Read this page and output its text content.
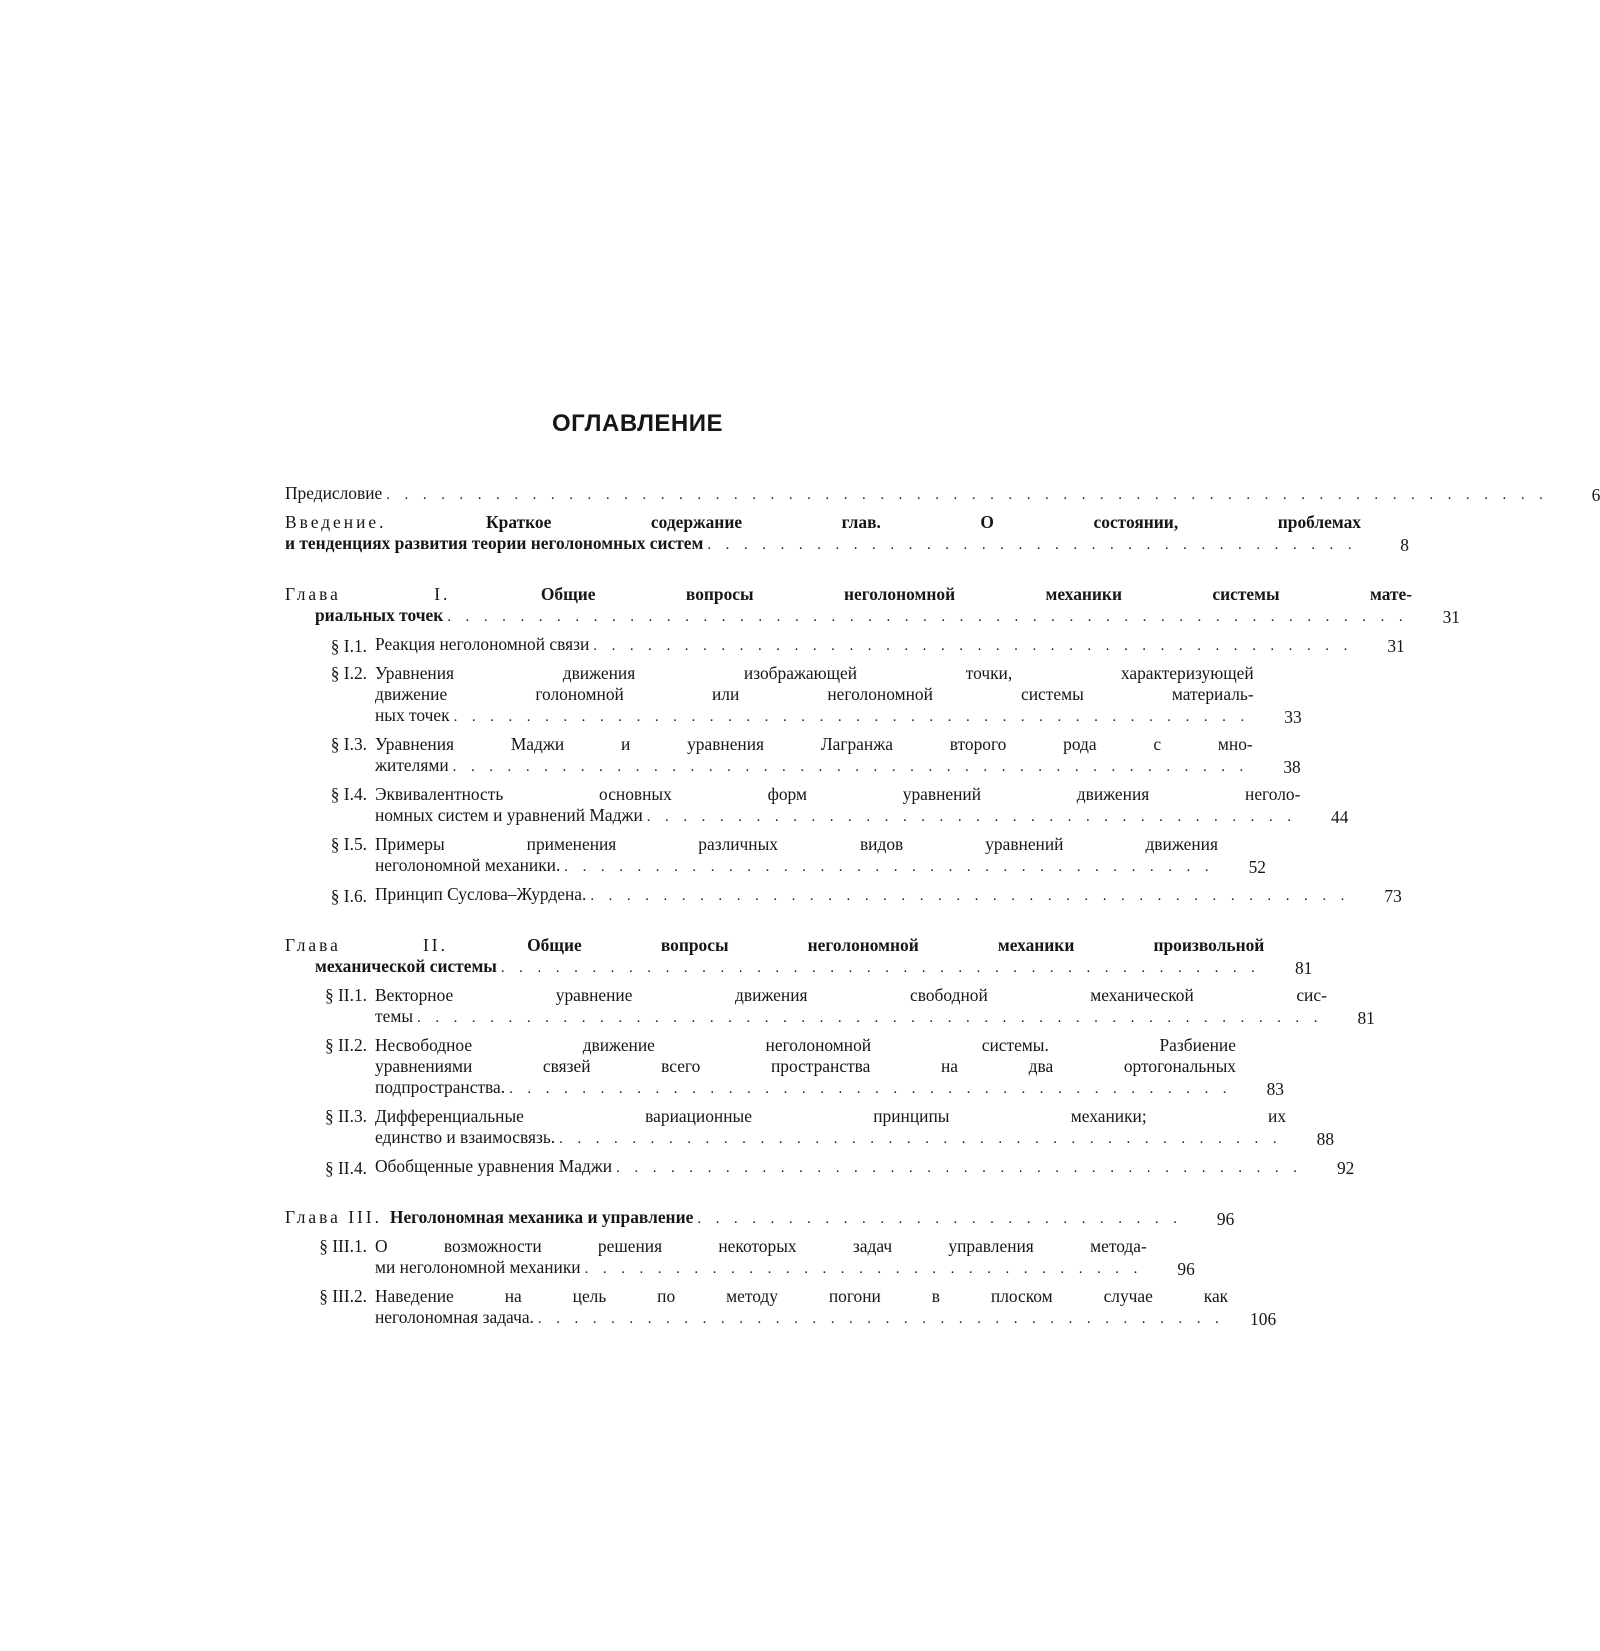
ОГЛАВЛЕНИЕ
Предисловие . . . . . . . . . . . . . . . . . . . . . . . . . . . . . . . . . . . . . . . . . . . . . . . . . . . . . . . . . . . . . . . .	6
Введение.	Краткое содержание глав. О состоянии, проблемах
и тенденциях развития теории неголономных систем . . . . . . . . . . . . . . . . . . . . . . . . . . . . . . . . . . . .	8
Глава I.	Общие вопросы неголономной механики системы мате-
риальных точек . . . . . . . . . . . . . . . . . . . . . . . . . . . . . . . . . . . . . . . . . . . . . . . . . . . . .	31
§ I.1. Реакция неголономной связи . . . . . . . . . . . . . . . . . . . . . . . . . . . . . . . . . . . . . . . . . .	31
§ I.2. Уравнения движения изображающей точки, характеризующей
движение голономной или неголономной системы материаль-
ных точек . . . . . . . . . . . . . . . . . . . . . . . . . . . . . . . . . . . . . . . . . . . .	33
§ I.3. Уравнения Маджи и уравнения Лагранжа второго рода с мно-
жителями . . . . . . . . . . . . . . . . . . . . . . . . . . . . . . . . . . . . . . . . . . . .	38
§ I.4. Эквивалентность основных форм уравнений движения неголо-
номных систем и уравнений Маджи . . . . . . . . . . . . . . . . . . . . . . . . . . . . . . . . . . . .	44
§ I.5. Примеры применения различных видов уравнений движения
неголономной механики. . . . . . . . . . . . . . . . . . . . . . . . . . . . . . . . . . . . .	52
§ I.6. Принцип Суслова–Журдена. . . . . . . . . . . . . . . . . . . . . . . . . . . . . . . . . . . . . . . . . . .	73
Глава II.	Общие вопросы неголономной механики произвольной
механической системы . . . . . . . . . . . . . . . . . . . . . . . . . . . . . . . . . . . . . . . . . .	81
§ II.1. Векторное уравнение движения свободной механической сис-
темы . . . . . . . . . . . . . . . . . . . . . . . . . . . . . . . . . . . . . . . . . . . . . . . . . .	81
§ II.2. Несвободное движение неголономной системы. Разбиение
уравнениями связей всего пространства на два ортогональных
подпространства. . . . . . . . . . . . . . . . . . . . . . . . . . . . . . . . . . . . . . . . .	83
§ II.3. Дифференциальные вариационные принципы механики; их
единство и взаимосвязь. . . . . . . . . . . . . . . . . . . . . . . . . . . . . . . . . . . . . . . . .	88
§ II.4. Обобщенные уравнения Маджи . . . . . . . . . . . . . . . . . . . . . . . . . . . . . . . . . . . . . .	92
Глава III. Неголономная механика и управление . . . . . . . . . . . . . . . . . . . . . . . . . . .	96
§ III.1. О возможности решения некоторых задач управления метода-
ми неголономной механики . . . . . . . . . . . . . . . . . . . . . . . . . . . . . . .	96
§ III.2. Наведение на цель по методу погони в плоском случае как
неголономная задача. . . . . . . . . . . . . . . . . . . . . . . . . . . . . . . . . . . . . . .	106
